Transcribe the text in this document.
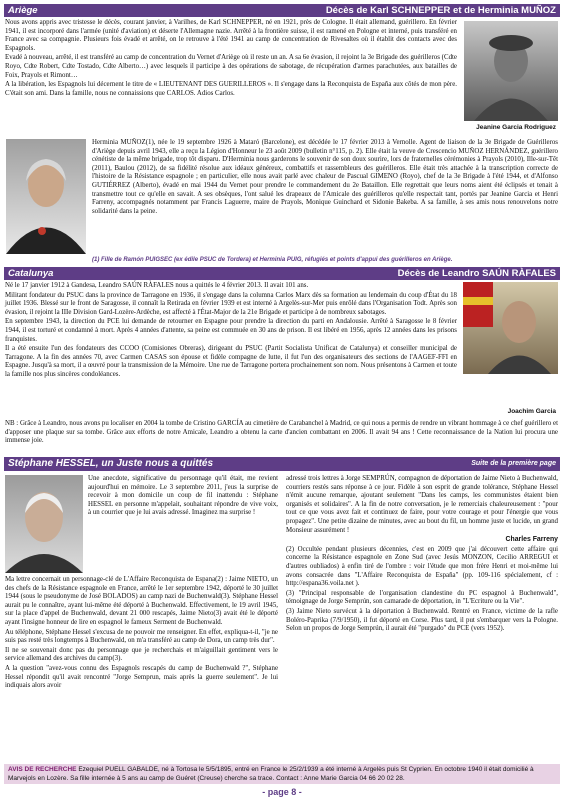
Ariège	Décès de Karl SCHNEPPER et de Herminia MUÑOZ

Nous avons appris avec tristesse le décès, courant janvier, à Varilhes, de Karl SCHNEPPER, né en 1921, près de Cologne. Il était allemand, guérillero. En février 1941, il est incorporé dans l'armée (unité d'aviation) et déserte l'Allemagne nazie. Arrêté à la frontière suisse, il est ramené en Pologne et interné, puis transféré en France avec sa compagnie. Plusieurs fois évadé et arrêté, on le retrouve à l'été 1941 au camp de concentration de Rivesaltes où il établit des contacts avec des Espagnols.

Evadé à nouveau, arrêté, il est transféré au camp de concentration du Vernet d'Ariège où il reste un an. A sa 6e évasion, il rejoint la 3e Brigade des guérilleros (Cdte Royo, Cdte Robert, Cdte Tostado, Cdte Alberto…) avec lesquels il participe à des opérations de sabotage, de récupération d'armes parachutées, aux batailles de Foix, Prayols et Rimont…

A la libération, les Espagnols lui décernent le titre de « LIEUTENANT DES GUERILLEROS ». Il s'engage dans la Reconquista de España aux côtés de mon père. C'était son ami. Dans la famille, nous ne connaissions que CARLOS. Adios Carlos.

Jeanine Garcia Rodriguez

Herminia MUÑOZ(1), née le 19 septembre 1926 à Mataró (Barcelone), est décédée le 17 février 2013 à Vernolle. Agent de liaison de la 3e Brigade de Guérilleros d'Ariège depuis avril 1943, elle a reçu la Légion d'Honneur le 23 août 2009 (bulletin n°115, p. 2). Elle était la veuve de Crescencio MUÑOZ HERNÁNDEZ, guérillero cénétiste de la même brigade, trop tôt disparu. D'Herminia nous garderons le souvenir de son doux sourire, lors de fraternelles cérémonies à Prayols (2010), Ille-sur-Têt (2011), Baulou (2012), de sa fidélité résolue aux idéaux généreux, combattifs et rassembleurs des guérilleros. Elle était très attachée à la transcription correcte de l'histoire de la Résistance espagnole ; en particulier, elle nous avait parlé avec chaleur de Pascual GIMENO (Royo), chef de la 3e Brigade à l'été 1944, et d'Alfonso GUTIÉRREZ (Alberto), évadé en mai 1944 du Vernet pour prendre le commandement du 2e Bataillon. Elle regrettait que leurs noms aient été éclipsés et tenait à transmettre tout ce qu'elle en savait. A ses obsèques, l'ont salué les drapeaux de l'Amicale des guérilleros qu'elle respectait tant, portés par Jeanine Garcia et Henri Farreny, accompagnés notamment par Francis Laguerre, maire de Prayols, Monique Guinchard et Sidonie Bakeba. A sa famille, à ses amis nous renouvelons notre solidarité dans la peine.

(1) Fille de Ramón PUIGSEC (ex édile PSUC de Tordera) et Herminia PUIG, réfugiés et points d'appui des guérilleros en Ariège.
Catalunya	Décès de Leandro SAÚN RÀFALES

Né le 17 janvier 1912 à Gandesa, Leandro SAÚN RÀFALES nous a quittés le 4 février 2013. Il avait 101 ans.

Militant fondateur du PSUC dans la province de Tarragone en 1936, il s'engage dans la columna Carlos Marx dès sa formation au lendemain du coup d'État du 18 juillet 1936. Blessé sur le front de Saragosse, il connaît la Retirada en février 1939 et est interné à Argelès-sur-Mer puis enrôlé dans l'Organisation Todt. Après son évasion, il rejoint la IIIe Division Gard-Lozère-Ardèche, est affecté à l'État-Major de la 21e Brigade et participe à de nombreux sabotages.

En septembre 1943, la direction du PCE lui demande de retourner en Espagne pour prendre la direction du parti en Andalousie. Arrêté à Saragosse le 8 février 1944, il est torturé et condamné à mort. Après 4 années d'attente, sa peine est commuée en 30 ans de prison. Il est libéré en 1956, après 12 années dans les prisons franquistes.

Il a été ensuite l'un des fondateurs des CCOO (Comisiones Obreras), dirigeant du PSUC (Partit Socialista Unificat de Catalunya) et conseiller municipal de Tarragone. A la fin des années 70, avec Carmen CASAS son épouse et fidèle compagne de lutte, il fut l'un des organisateurs des sections de l'AAGEF-FFI en Espagne. Jusqu'à sa mort, il a œuvré pour la transmission de la Mémoire. Une rue de Tarragone portera prochainement son nom. Nous présentons à Carmen et toute la famille nos plus sincères condoléances.

Joachim Garcia

NB : Grâce à Leandro, nous avons pu localiser en 2004 la tombe de Cristino GARCÍA au cimetière de Carabanchel à Madrid, ce qui nous a permis de rendre un vibrant hommage à ce chef guérillero et d'apposer une plaque sur sa tombe. Grâce aux efforts de notre Amicale, Leandro a obtenu la carte d'ancien combattant en 2006. Il avait 94 ans ! Cette reconnaissance de la Nation lui procura une immense joie.

Stéphane HESSEL, un Juste nous a quittés	Suite de la première page

Une anecdote, significative du personnage qu'il était, me revient aujourd'hui en mémoire. Le 3 septembre 2011, j'eus la surprise de recevoir à mon domicile un coup de fil inattendu : Stéphane HESSEL en personne m'appelait, souhaitant répondre de vive voix, à un courrier que je lui avais adressé. Imaginez ma surprise !

Ma lettre concernait un personnage-clé de L'Affaire Reconquista de Espana(2) : Jaime NIETO, un des chefs de la Résistance espagnole en France, arrêté le 1er septembre 1942, déporté le 30 juillet 1944 (sous le pseudonyme de José BOLADOS) au camp nazi de Buchenwald(3). Stéphane Hessel aurait pu le connaître, ayant lui-même été déporté à Buchenwald. Effectivement, le 19 avril 1945, sur la place d'appel de Buchenwald, devant 21 000 rescapés, Jaime Nieto(3) avait été le déporté ayant l'insigne honneur de lire en espagnol le fameux Serment de Buchenwald.

Au téléphone, Stéphane Hessel s'excusa de ne pouvoir me renseigner. En effet, expliqua-t-il, "je ne suis pas resté très longtemps à Buchenwald, on m'a transféré au camp de Dora, un camp très dur".

Il ne se souvenait donc pas du personnage que je recherchais et m'aiguillait gentiment vers le service allemand des archives du camp(3).

A la question "avez-vous connu des Espagnols rescapés du camp de Buchenwald ?", Stéphane Hessel répondit qu'il avait rencontré "Jorge Semprun, mais après la guerre seulement". Je lui indiquais alors avoir

adressé trois lettres à Jorge SEMPRÚN, compagnon de déportation de Jaime Nieto à Buchenwald, courriers restés sans réponse à ce jour. Fidèle à son esprit de grande tolérance, Stéphane Hessel n'émit aucune remarque, ajoutant seulement "Dans les camps, les communistes étaient bien organisés et solidaires". A la fin de notre conversation, je le remerciais chaleureusement : "pour tout ce que vous avez fait et continuez de faire, pour votre courage et pour l'énergie que vous propagez". Une petite dizaine de minutes, avec au bout du fil, un homme juste et lucide, un grand Monsieur assurément !

Charles Farreny

(2) Occultée pendant plusieurs décennies, c'est en 2009 que j'ai découvert cette affaire qui concerne la Résistance espagnole en Zone Sud (avec Jesús MONZON, Cecilio ARREGUI et d'autres oubliados) à enfin tiré de l'ombre : voir l'étude que mon frère Henri et moi-même lui avons consacrée dans "L'Affaire Reconquista de España" (pp. 109-116 spécialement, cf : http://espana36.voila.net ).

(3) "Principal responsable de l'organisation clandestine du PC espagnol à Buchenwald", témoignage de Jorge Semprún, son camarade de déportation, in "L'Ecriture ou la Vie".

(3) Jaime Nieto survécut à la déportation à Buchenwald. Rentré en France, victime de la rafle Boléro-Paprika (7/9/1950), il fut déporté en Corse. Plus tard, il put s'embarquer vers la Pologne. Selon un propos de Jorge Semprún, il aurait été "purgado" du PCE (vers 1952).

AVIS DE RECHERCHE Ezequiel PUELL GABALDE, né à Tortosa le 5/5/1895, entré en France le 25/2/1939 a été interné à Argelès puis St Cyprien. En octobre 1940 il était domicilié à Marvejols en Lozère. Sa fille internée à 5 ans au camp de Guéret (Creuse) cherche sa trace. Contact : Anne Marie Garcia 04 66 20 02 28.
- page 8 -
